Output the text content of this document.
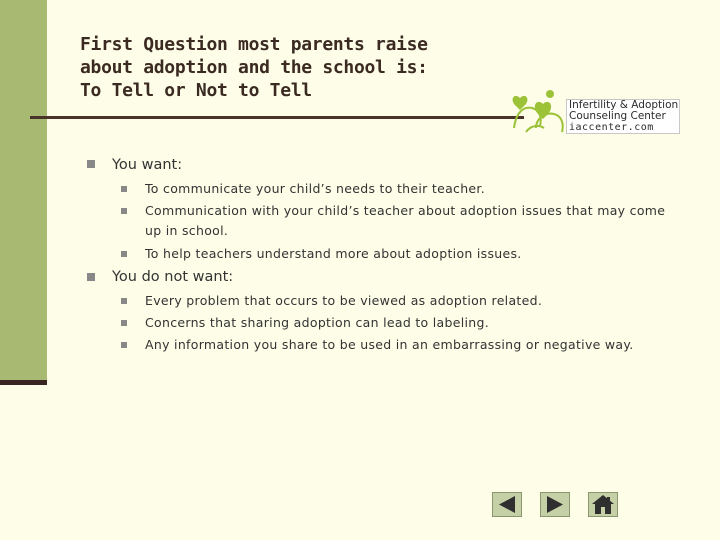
First Question most parents raise
about adoption and the school is:
To Tell or Not to Tell
Infertility & Adoption
Counseling Center
iaccenter.com
You want:
To communicate your child’s needs to their teacher.
Communication with your child’s teacher about adoption issues that may come
up in school.
To help teachers understand more about adoption issues.
You do not want:
Every problem that occurs to be viewed as adoption related.
Concerns that sharing adoption can lead to labeling.
Any information you share to be used in an embarrassing or negative way.
